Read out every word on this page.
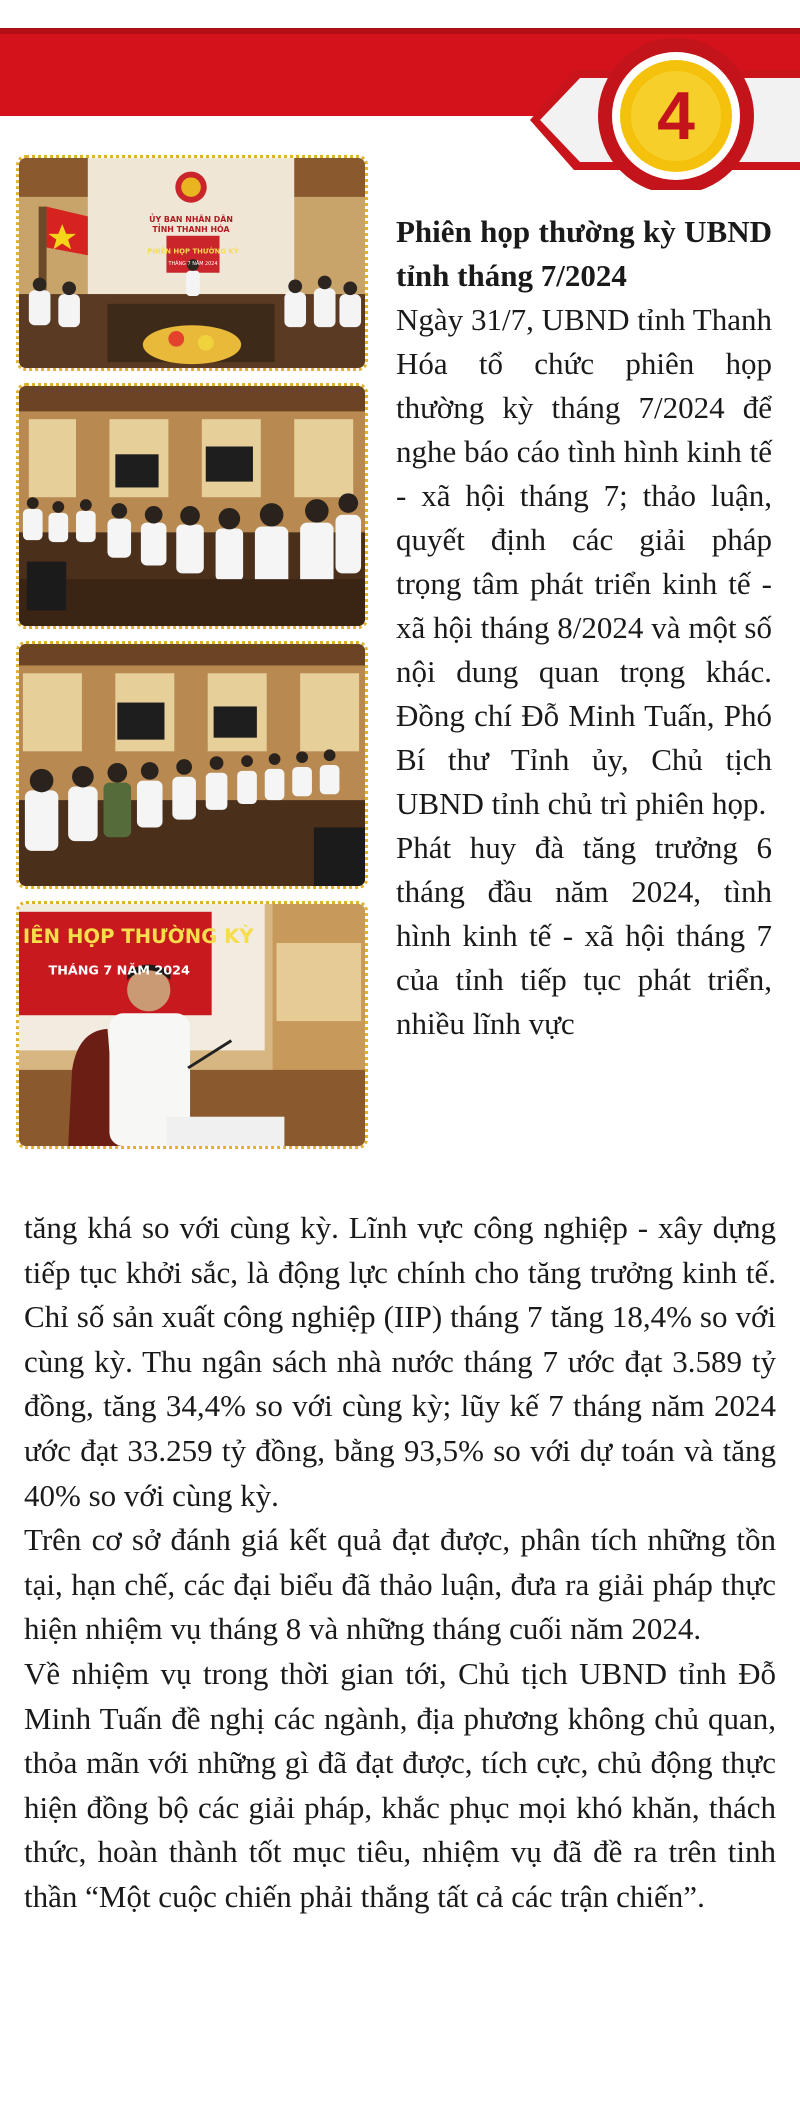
4
ỦY BAN NHÂN DÂN
TỈNH THANH HÓA
PHIÊN HỌP THƯỜNG KỲ
THÁNG 7 NĂM 2024
IÊN HỌP THƯỜNG KỲ
THÁNG 7 NĂM 2024

Phiên họp thường kỳ UBND tỉnh tháng 7/2024

Ngày 31/7, UBND tỉnh Thanh Hóa tổ chức phiên họp thường kỳ tháng 7/2024 để nghe báo cáo tình hình kinh tế - xã hội tháng 7; thảo luận, quyết định các giải pháp trọng tâm phát triển kinh tế - xã hội tháng 8/2024 và một số nội dung quan trọng khác. Đồng chí Đỗ Minh Tuấn, Phó Bí thư Tỉnh ủy, Chủ tịch UBND tỉnh chủ trì phiên họp.

Phát huy đà tăng trưởng 6 tháng đầu năm 2024, tình hình kinh tế - xã hội tháng 7 của tỉnh tiếp tục phát triển, nhiều lĩnh vực

tăng khá so với cùng kỳ. Lĩnh vực công nghiệp - xây dựng tiếp tục khởi sắc, là động lực chính cho tăng trưởng kinh tế. Chỉ số sản xuất công nghiệp (IIP) tháng 7 tăng 18,4% so với cùng kỳ. Thu ngân sách nhà nước tháng 7 ước đạt 3.589 tỷ đồng, tăng 34,4% so với cùng kỳ; lũy kế 7 tháng năm 2024 ước đạt 33.259 tỷ đồng, bằng 93,5% so với dự toán và tăng 40% so với cùng kỳ.

Trên cơ sở đánh giá kết quả đạt được, phân tích những tồn tại, hạn chế, các đại biểu đã thảo luận, đưa ra giải pháp thực hiện nhiệm vụ tháng 8 và những tháng cuối năm 2024.

Về nhiệm vụ trong thời gian tới, Chủ tịch UBND tỉnh Đỗ Minh Tuấn đề nghị các ngành, địa phương không chủ quan, thỏa mãn với những gì đã đạt được, tích cực, chủ động thực hiện đồng bộ các giải pháp, khắc phục mọi khó khăn, thách thức, hoàn thành tốt mục tiêu, nhiệm vụ đã đề ra trên tinh thần “Một cuộc chiến phải thắng tất cả các trận chiến”.
